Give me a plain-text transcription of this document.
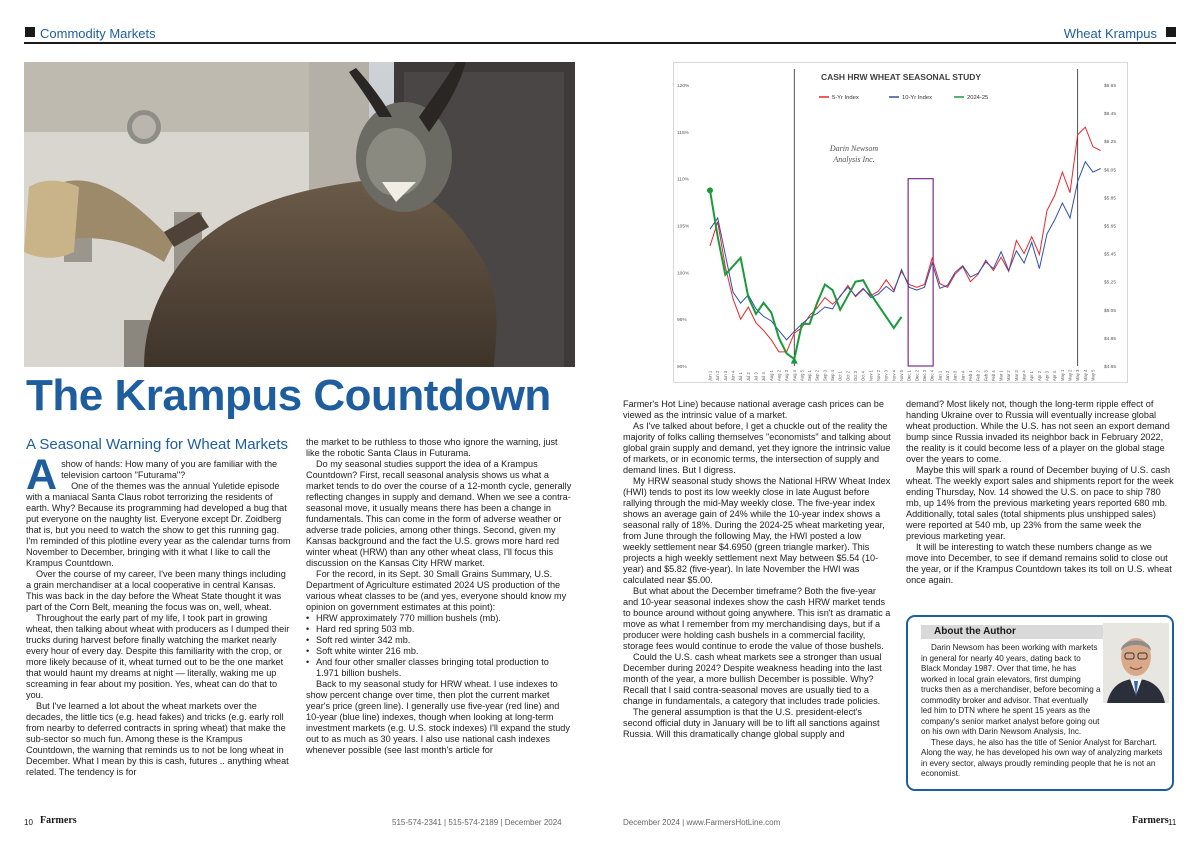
Commodity Markets	Wheat Krampus
The Krampus Countdown
A Seasonal Warning for Wheat Markets
A show of hands: How many of you are familiar with the television cartoon "Futurama"?

One of the themes was the annual Yuletide episode with a maniacal Santa Claus robot terrorizing the residents of earth. Why? Because its programming had developed a bug that put everyone on the naughty list. Everyone except Dr. Zoidberg that is, but you need to watch the show to get this running gag. I'm reminded of this plotline every year as the calendar turns from November to December, bringing with it what I like to call the Krampus Countdown.

Over the course of my career, I've been many things including a grain merchandiser at a local cooperative in central Kansas. This was back in the day before the Wheat State thought it was part of the Corn Belt, meaning the focus was on, well, wheat.

Throughout the early part of my life, I took part in growing wheat, then talking about wheat with producers as I dumped their trucks during harvest before finally watching the market nearly every hour of every day. Despite this familiarity with the crop, or more likely because of it, wheat turned out to be the one market that would haunt my dreams at night — literally, waking me up screaming in fear about my position. Yes, wheat can do that to you.

But I've learned a lot about the wheat markets over the decades, the little tics (e.g. head fakes) and tricks (e.g. early roll from nearby to deferred contracts in spring wheat) that make the sub-sector so much fun. Among these is the Krampus Countdown, the warning that reminds us to not be long wheat in December. What I mean by this is cash, futures .. anything wheat related. The tendency is for

the market to be ruthless to those who ignore the warning, just like the robotic Santa Claus in Futurama.

Do my seasonal studies support the idea of a Krampus Countdown? First, recall seasonal analysis shows us what a market tends to do over the course of a 12-month cycle, generally reflecting changes in supply and demand. When we see a contra-seasonal move, it usually means there has been a change in fundamentals. This can come in the form of adverse weather or adverse trade policies, among other things. Second, given my Kansas background and the fact the U.S. grows more hard red winter wheat (HRW) than any other wheat class, I'll focus this discussion on the Kansas City HRW market.

For the record, in its Sept. 30 Small Grains Summary, U.S. Department of Agriculture estimated 2024 US production of the various wheat classes to be (and yes, everyone should know my opinion on government estimates at this point):

• HRW approximately 770 million bushels (mb).
• Hard red spring 503 mb.
• Soft red winter 342 mb.
• Soft white winter 216 mb.
• And four other smaller classes bringing total production to 1.971 billion bushels.

Back to my seasonal study for HRW wheat. I use indexes to show percent change over time, then plot the current market year's price (green line). I generally use five-year (red line) and 10-year (blue line) indexes, though when looking at long-term investment markets (e.g. U.S. stock indexes) I'll expand the study out to as much as 30 years. I also use national cash indexes whenever possible (see last month's article for

Farmer's Hot Line) because national average cash prices can be viewed as the intrinsic value of a market.

As I've talked about before, I get a chuckle out of the reality the majority of folks calling themselves "economists" and talking about global grain supply and demand, yet they ignore the intrinsic value of markets, or in economic terms, the intersection of supply and demand lines. But I digress.

My HRW seasonal study shows the National HRW Wheat Index (HWI) tends to post its low weekly close in late August before rallying through the mid-May weekly close. The five-year index shows an average gain of 24% while the 10-year index shows a seasonal rally of 18%. During the 2024-25 wheat marketing year, from June through the following May, the HWI posted a low weekly settlement near $4.6950 (green triangle marker). This projects a high weekly settlement next May between $5.54 (10-year) and $5.82 (five-year). In late November the HWI was calculated near $5.00.

But what about the December timeframe? Both the five-year and 10-year seasonal indexes show the cash HRW market tends to bounce around without going anywhere. This isn't as dramatic a move as what I remember from my merchandising days, but if a producer were holding cash bushels in a commercial facility, storage fees would continue to erode the value of those bushels.

Could the U.S. cash wheat markets see a stronger than usual December during 2024? Despite weakness heading into the last month of the year, a more bullish December is possible. Why? Recall that I said contra-seasonal moves are usually tied to a change in fundamentals, a category that includes trade policies.

The general assumption is that the U.S. president-elect's second official duty in January will be to lift all sanctions against Russia. Will this dramatically change global supply and

demand? Most likely not, though the long-term ripple effect of handing Ukraine over to Russia will eventually increase global wheat production. While the U.S. has not seen an export demand bump since Russia invaded its neighbor back in February 2022, the reality is it could become less of a player on the global stage over the years to come.

Maybe this will spark a round of December buying of U.S. cash wheat. The weekly export sales and shipments report for the week ending Thursday, Nov. 14 showed the U.S. on pace to ship 780 mb, up 14% from the previous marketing years reported 680 mb. Additionally, total sales (total shipments plus unshipped sales) were reported at 540 mb, up 23% from the same week the previous marketing year.

It will be interesting to watch these numbers change as we move into December, to see if demand remains solid to close out the year, or if the Krampus Countdown takes its toll on U.S. wheat once again.

CASH HRW WHEAT SEASONAL STUDY
5-Yr Index	10-Yr Index	2024-25
Darin Newsom
Analysis Inc.
90%
95%
100%
105%
110%
115%
120%
$4.65
$4.85
$5.05
$5.25
$5.45
$5.65
$5.85
$6.05
$6.25
$6.45
$6.65
Jun 1 Jun 2 Jun 3 Jun 4 Jul 1 Jul 2 Jul 3 Jul 4 Aug 1 Aug 2 Aug 3 Aug 4 Aug 5 Sep 1 Sep 2 Sep 3 Sep 4 Oct 1 Oct 2 Oct 3 Oct 4 Nov 1 Nov 2 Nov 3 Nov 4 Nov 5 Dec 1 Dec 2 Dec 3 Dec 4 Jan 1 Jan 2 Jan 3 Jan 4 Feb 1 Feb 2 Feb 3 Feb 4 Mar 1 Mar 2 Mar 3 Mar 4 Apr 1 Apr 2 Apr 3 Apr 4 May 1 May 2 May 3 May 4 May 5
About the Author

Darin Newsom has been working with markets in general for nearly 40 years, dating back to Black Monday 1987. Over that time, he has worked in local grain elevators, first dumping trucks then as a merchandiser, before becoming a commodity broker and advisor. That eventually led him to DTN where he spent 15 years as the company's senior market analyst before going out on his own with Darin Newsom Analysis, Inc.

These days, he also has the title of Senior Analyst for Barchart. Along the way, he has developed his own way of analyzing markets in every sector, always proudly reminding people that he is not an economist.

10 Farmers	515-574-2341 | 515-574-2189 | December 2024	December 2024 | www.FarmersHotLine.com	Farmers 11
